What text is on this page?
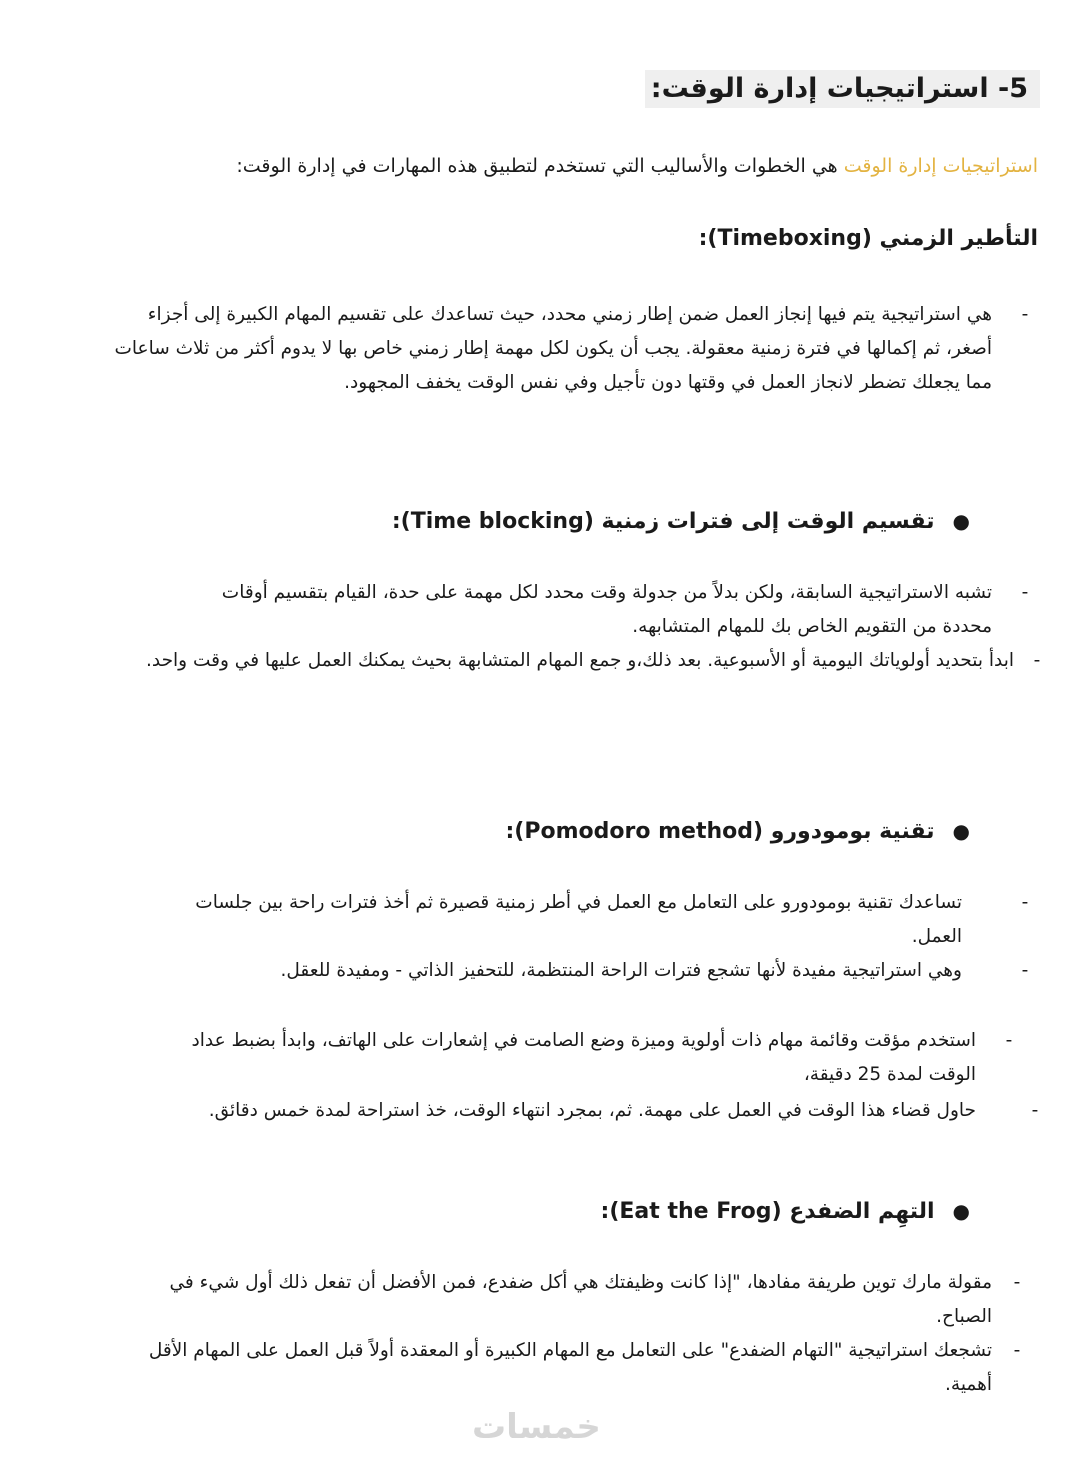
5- استراتيجيات إدارة الوقت:
استراتيجيات إدارة الوقت هي الخطوات والأساليب التي تستخدم لتطبيق هذه المهارات في إدارة الوقت:
التأطير الزمني (Timeboxing):
-

هي استراتيجية يتم فيها إنجاز العمل ضمن إطار زمني محدد، حيث تساعدك على تقسيم المهام الكبيرة إلى أجزاء أصغر، ثم إكمالها في فترة زمنية معقولة. يجب أن يكون لكل مهمة إطار زمني خاص بها لا يدوم أكثر من ثلاث ساعات مما يجعلك تضطر لانجاز العمل في وقتها دون تأجيل وفي نفس الوقت يخفف المجهود.

●تقسيم الوقت إلى فترات زمنية (Time blocking):
-

تشبه الاستراتيجية السابقة، ولكن بدلاً من جدولة وقت محدد لكل مهمة على حدة، القيام بتقسيم أوقات محددة من التقويم الخاص بك للمهام المتشابهه.

-

ابدأ بتحديد أولوياتك اليومية أو الأسبوعية. بعد ذلك،و جمع المهام المتشابهة بحيث يمكنك العمل عليها في وقت واحد.

●تقنية بومودورو (Pomodoro method):
-

تساعدك تقنية بومودورو على التعامل مع العمل في أطر زمنية قصيرة ثم أخذ فترات راحة بين جلسات العمل.

-

وهي استراتيجية مفيدة لأنها تشجع فترات الراحة المنتظمة، للتحفيز الذاتي - ومفيدة للعقل.

-

استخدم مؤقت وقائمة مهام ذات أولوية وميزة وضع الصامت في إشعارات على الهاتف، وابدأ بضبط عداد الوقت لمدة 25 دقيقة،

-

حاول قضاء هذا الوقت في العمل على مهمة. ثم، بمجرد انتهاء الوقت، خذ استراحة لمدة خمس دقائق.

●التهِم الضفدع (Eat the Frog):
-

مقولة مارك توين طريفة مفادها، "إذا كانت وظيفتك هي أكل ضفدع، فمن الأفضل أن تفعل ذلك أول شيء في الصباح.

-

تشجعك استراتيجية "التهام الضفدع" على التعامل مع المهام الكبيرة أو المعقدة أولاً قبل العمل على المهام الأقل أهمية.

خمسات
